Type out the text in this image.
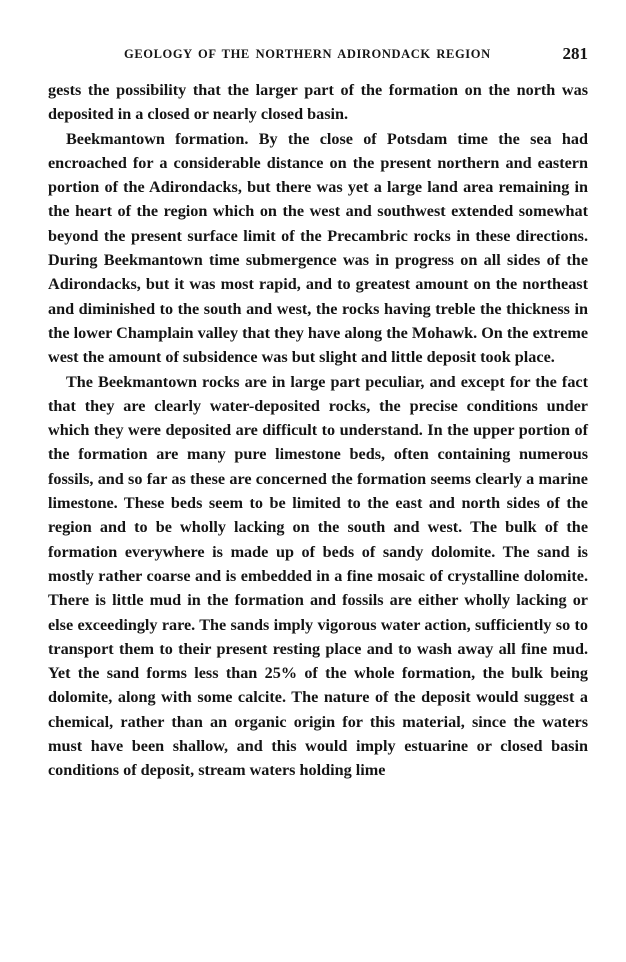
GEOLOGY OF THE NORTHERN ADIRONDACK REGION	281

gests the possibility that the larger part of the formation on the north was deposited in a closed or nearly closed basin.

Beekmantown formation. By the close of Potsdam time the sea had encroached for a considerable distance on the present northern and eastern portion of the Adirondacks, but there was yet a large land area remaining in the heart of the region which on the west and southwest extended somewhat beyond the present surface limit of the Precambric rocks in these directions. During Beekmantown time submergence was in progress on all sides of the Adirondacks, but it was most rapid, and to greatest amount on the northeast and diminished to the south and west, the rocks having treble the thickness in the lower Champlain valley that they have along the Mohawk. On the extreme west the amount of subsidence was but slight and little deposit took place.

The Beekmantown rocks are in large part peculiar, and except for the fact that they are clearly water-deposited rocks, the precise conditions under which they were deposited are difficult to understand. In the upper portion of the formation are many pure limestone beds, often containing numerous fossils, and so far as these are concerned the formation seems clearly a marine limestone. These beds seem to be limited to the east and north sides of the region and to be wholly lacking on the south and west. The bulk of the formation everywhere is made up of beds of sandy dolomite. The sand is mostly rather coarse and is embedded in a fine mosaic of crystalline dolomite. There is little mud in the formation and fossils are either wholly lacking or else exceedingly rare. The sands imply vigorous water action, sufficiently so to transport them to their present resting place and to wash away all fine mud. Yet the sand forms less than 25% of the whole formation, the bulk being dolomite, along with some calcite. The nature of the deposit would suggest a chemical, rather than an organic origin for this material, since the waters must have been shallow, and this would imply estuarine or closed basin conditions of deposit, stream waters holding lime
